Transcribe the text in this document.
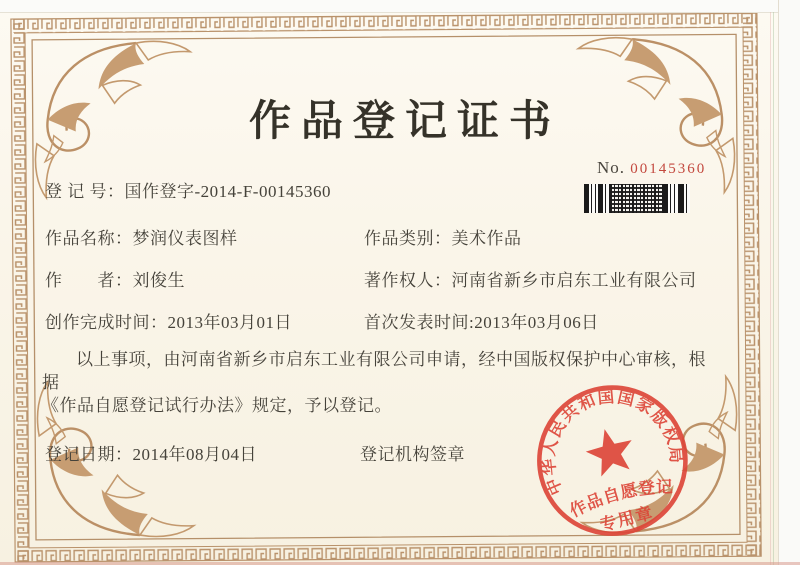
作品登记证书
No. 00145360
登 记 号：国作登字-2014-F-00145360
作品名称：梦润仪表图样	作品类别：美术作品
作　　者：刘俊生	著作权人：河南省新乡市启东工业有限公司
创作完成时间：2013年03月01日	首次发表时间:2013年03月06日
以上事项，由河南省新乡市启东工业有限公司申请，经中国版权保护中心审核，根据
《作品自愿登记试行办法》规定，予以登记。
登记日期：2014年08月04日	登记机构签章
中华人民共和国国家版权局
作品自愿登记
专用章
